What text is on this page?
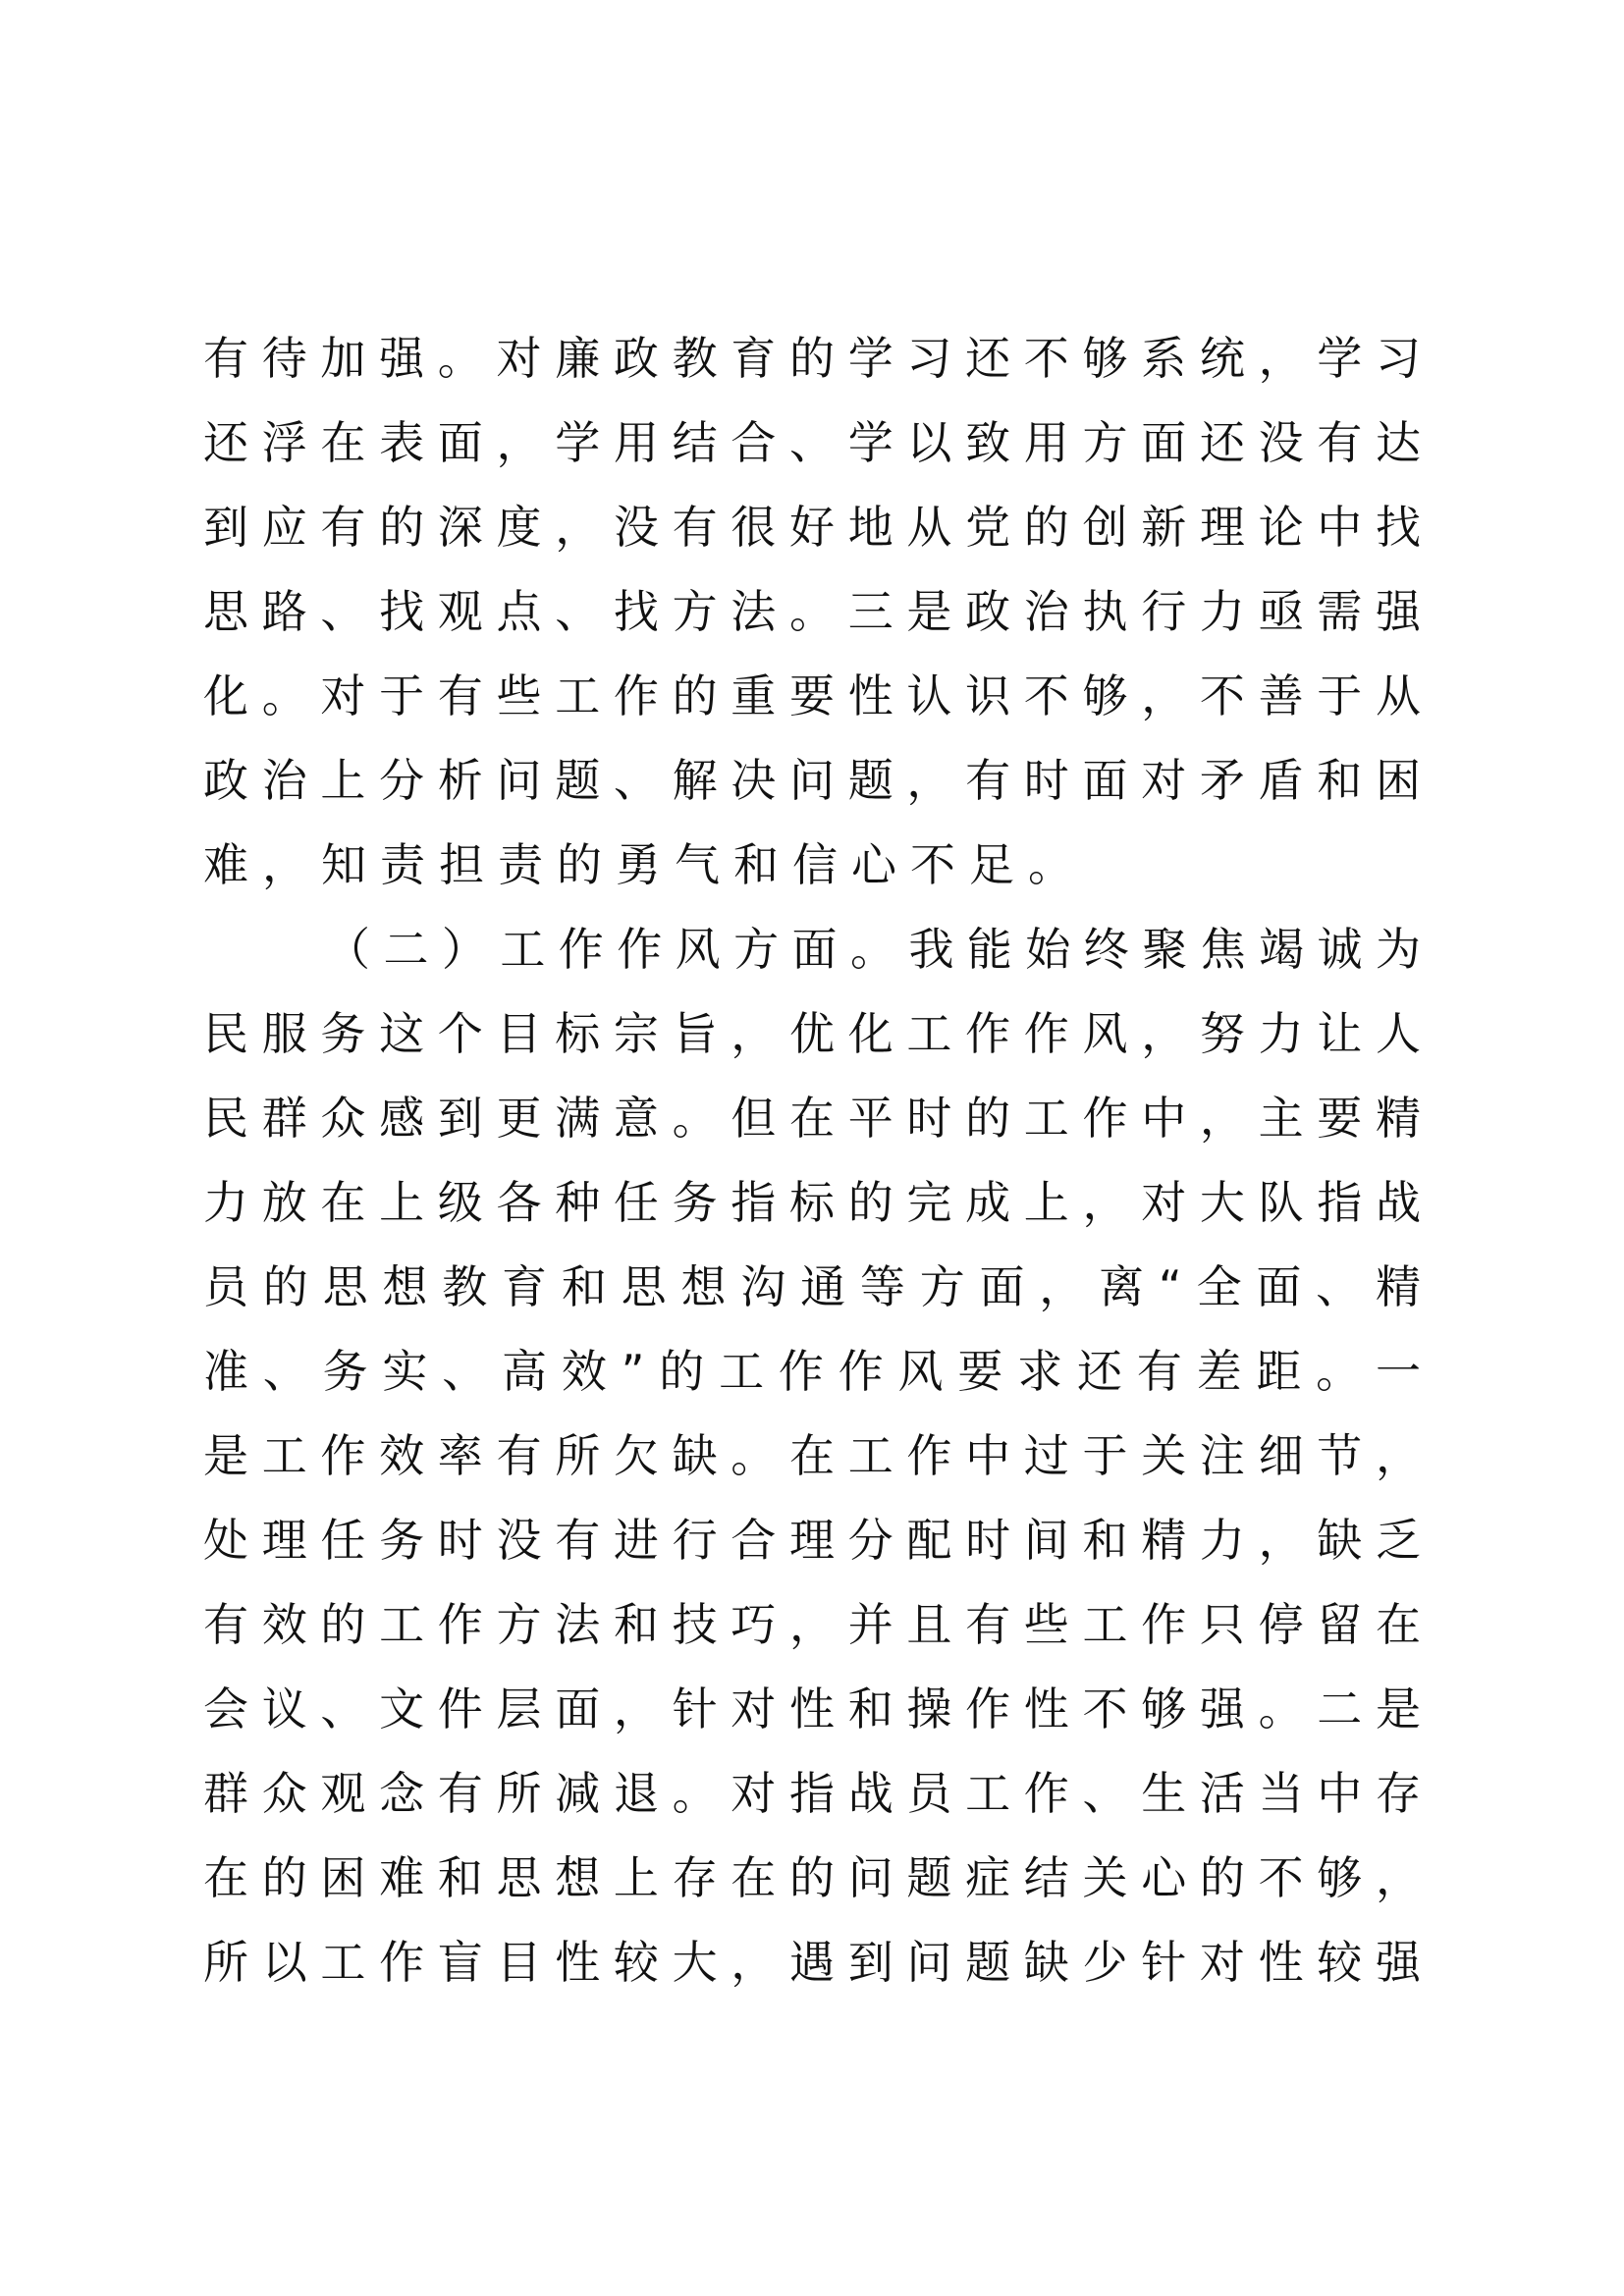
有待加强。对廉政教育的学习还不够系统，学习
还浮在表面，学用结合、学以致用方面还没有达
到应有的深度，没有很好地从党的创新理论中找
思路、找观点、找方法。三是政治执行力亟需强
化。对于有些工作的重要性认识不够，不善于从
政治上分析问题、解决问题，有时面对矛盾和困
难，知责担责的勇气和信心不足。
（二）工作作风方面。我能始终聚焦竭诚为
民服务这个目标宗旨，优化工作作风，努力让人
民群众感到更满意。但在平时的工作中，主要精
力放在上级各种任务指标的完成上，对大队指战
员的思想教育和思想沟通等方面，离“全面、精
准、务实、高效”的工作作风要求还有差距。一
是工作效率有所欠缺。在工作中过于关注细节，
处理任务时没有进行合理分配时间和精力，缺乏
有效的工作方法和技巧，并且有些工作只停留在
会议、文件层面，针对性和操作性不够强。二是
群众观念有所减退。对指战员工作、生活当中存
在的困难和思想上存在的问题症结关心的不够，
所以工作盲目性较大，遇到问题缺少针对性较强
